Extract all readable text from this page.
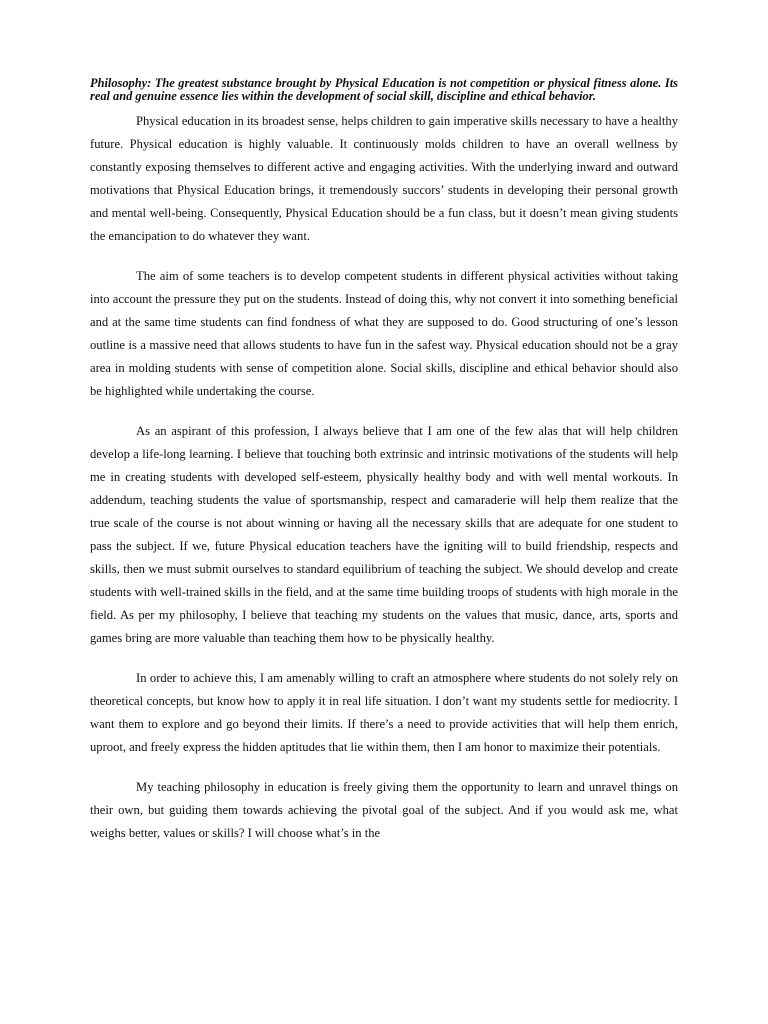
Philosophy: The greatest substance brought by Physical Education is not competition or physical fitness alone. Its real and genuine essence lies within the development of social skill, discipline and ethical behavior.

Physical education in its broadest sense, helps children to gain imperative skills necessary to have a healthy future. Physical education is highly valuable. It continuously molds children to have an overall wellness by constantly exposing themselves to different active and engaging activities. With the underlying inward and outward motivations that Physical Education brings, it tremendously succors’ students in developing their personal growth and mental well-being. Consequently, Physical Education should be a fun class, but it doesn’t mean giving students the emancipation to do whatever they want.

The aim of some teachers is to develop competent students in different physical activities without taking into account the pressure they put on the students. Instead of doing this, why not convert it into something beneficial and at the same time students can find fondness of what they are supposed to do. Good structuring of one’s lesson outline is a massive need that allows students to have fun in the safest way. Physical education should not be a gray area in molding students with sense of competition alone. Social skills, discipline and ethical behavior should also be highlighted while undertaking the course.

As an aspirant of this profession, I always believe that I am one of the few alas that will help children develop a life-long learning. I believe that touching both extrinsic and intrinsic motivations of the students will help me in creating students with developed self-esteem, physically healthy body and with well mental workouts. In addendum, teaching students the value of sportsmanship, respect and camaraderie will help them realize that the true scale of the course is not about winning or having all the necessary skills that are adequate for one student to pass the subject. If we, future Physical education teachers have the igniting will to build friendship, respects and skills, then we must submit ourselves to standard equilibrium of teaching the subject. We should develop and create students with well-trained skills in the field, and at the same time building troops of students with high morale in the field. As per my philosophy, I believe that teaching my students on the values that music, dance, arts, sports and games bring are more valuable than teaching them how to be physically healthy.

In order to achieve this, I am amenably willing to craft an atmosphere where students do not solely rely on theoretical concepts, but know how to apply it in real life situation. I don’t want my students settle for mediocrity. I want them to explore and go beyond their limits. If there’s a need to provide activities that will help them enrich, uproot, and freely express the hidden aptitudes that lie within them, then I am honor to maximize their potentials.

My teaching philosophy in education is freely giving them the opportunity to learn and unravel things on their own, but guiding them towards achieving the pivotal goal of the subject. And if you would ask me, what weighs better, values or skills? I will choose what’s in the
